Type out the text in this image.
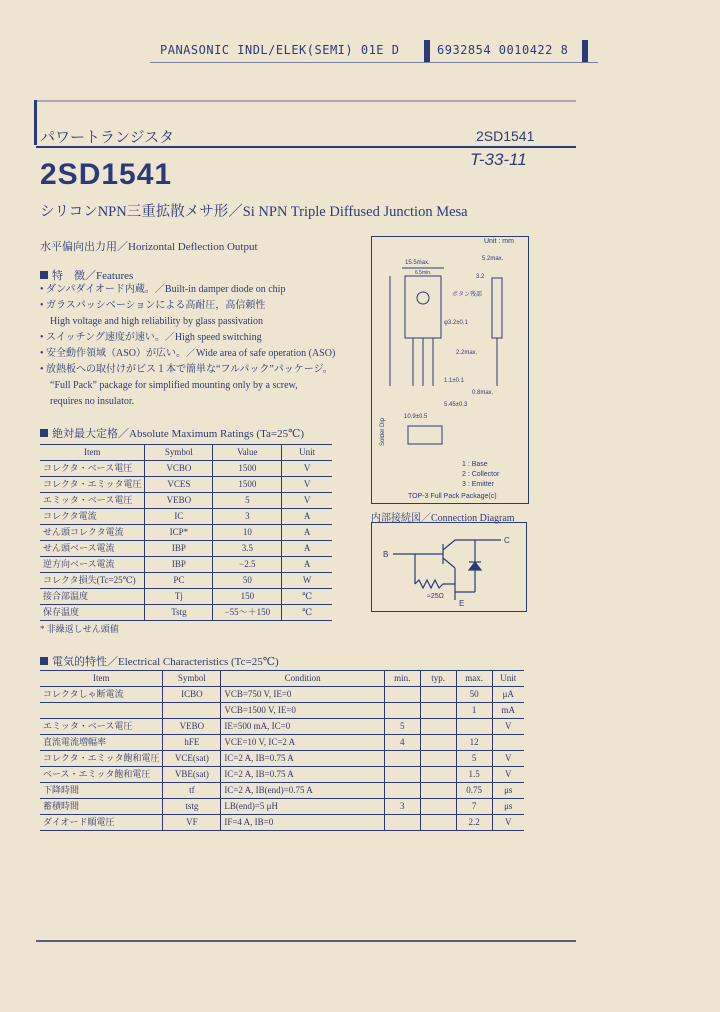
PANASONIC INDL/ELEK(SEMI) 01E D	6932854 0010422 8
パワートランジスタ	2SD1541
T-33-11
2SD1541
シリコンNPN三重拡散メサ形／Si NPN Triple Diffused Junction Mesa
水平偏向出力用／Horizontal Deflection Output
特　徴／Features
• ダンパダイオード内蔵。／Built-in damper diode on chip
• ガラスパッシベーションによる高耐圧，高信頼性
High voltage and high reliability by glass passivation
• スイッチング速度が速い。／High speed switching
• 安全動作領域（ASO）が広い。／Wide area of safe operation (ASO)
• 放熱板への取付けがビス１本で簡単な“フルパック”パッケージ。
“Full Pack” package for simplified mounting only by a screw,
requires no insulator.
絶対最大定格／Absolute Maximum Ratings (Ta=25℃)
Item	Symbol	Value	Unit
コレクタ・ベース電圧	VCBO	1500	V
コレクタ・エミッタ電圧	VCES	1500	V
エミッタ・ベース電圧	VEBO	5	V
コレクタ電流	IC	3	A
せん頭コレクタ電流	ICP*	10	A
せん頭ベース電流	IBP	3.5	A
逆方向ベース電流	IBP	−2.5	A
コレクタ損失(Tc=25℃)	PC	50	W
接合部温度	Tj	150	℃
保存温度	Tstg	−55～＋150	℃
* 非繰返しせん頭値
電気的特性／Electrical Characteristics (Tc=25℃)
Item	Symbol	Condition	min.	typ.	max.	Unit
コレクタしゃ断電流	ICBO	VCB=750 V, IE=0			50	μA
		VCB=1500 V, IE=0			1	mA
エミッタ・ベース電圧	VEBO	IE=500 mA, IC=0	5			V
直流電流増幅率	hFE	VCE=10 V, IC=2 A	4		12	
コレクタ・エミッタ飽和電圧	VCE(sat)	IC=2 A, IB=0.75 A			5	V
ベース・エミッタ飽和電圧	VBE(sat)	IC=2 A, IB=0.75 A			1.5	V
下降時間	tf	IC=2 A, IB(end)=0.75 A			0.75	μs
蓄積時間	tstg	LB(end)=5 μH	3		7	μs
ダイオード順電圧	VF	IF=4 A, IB=0			2.2	V
Unit : mm
15.5max.
5.2max.
6.5min.
3.2
φ3.2±0.1
2.2max.
1.1±0.1
0.8max.
5.45±0.3
10.9±0.5
ボタン残部
Solder Dip
1 : Base
2 : Collector
3 : Emitter
TOP-3 Full Pack Package(c)
内部接続図／Connection Diagram
B
C
E
≈25Ω
